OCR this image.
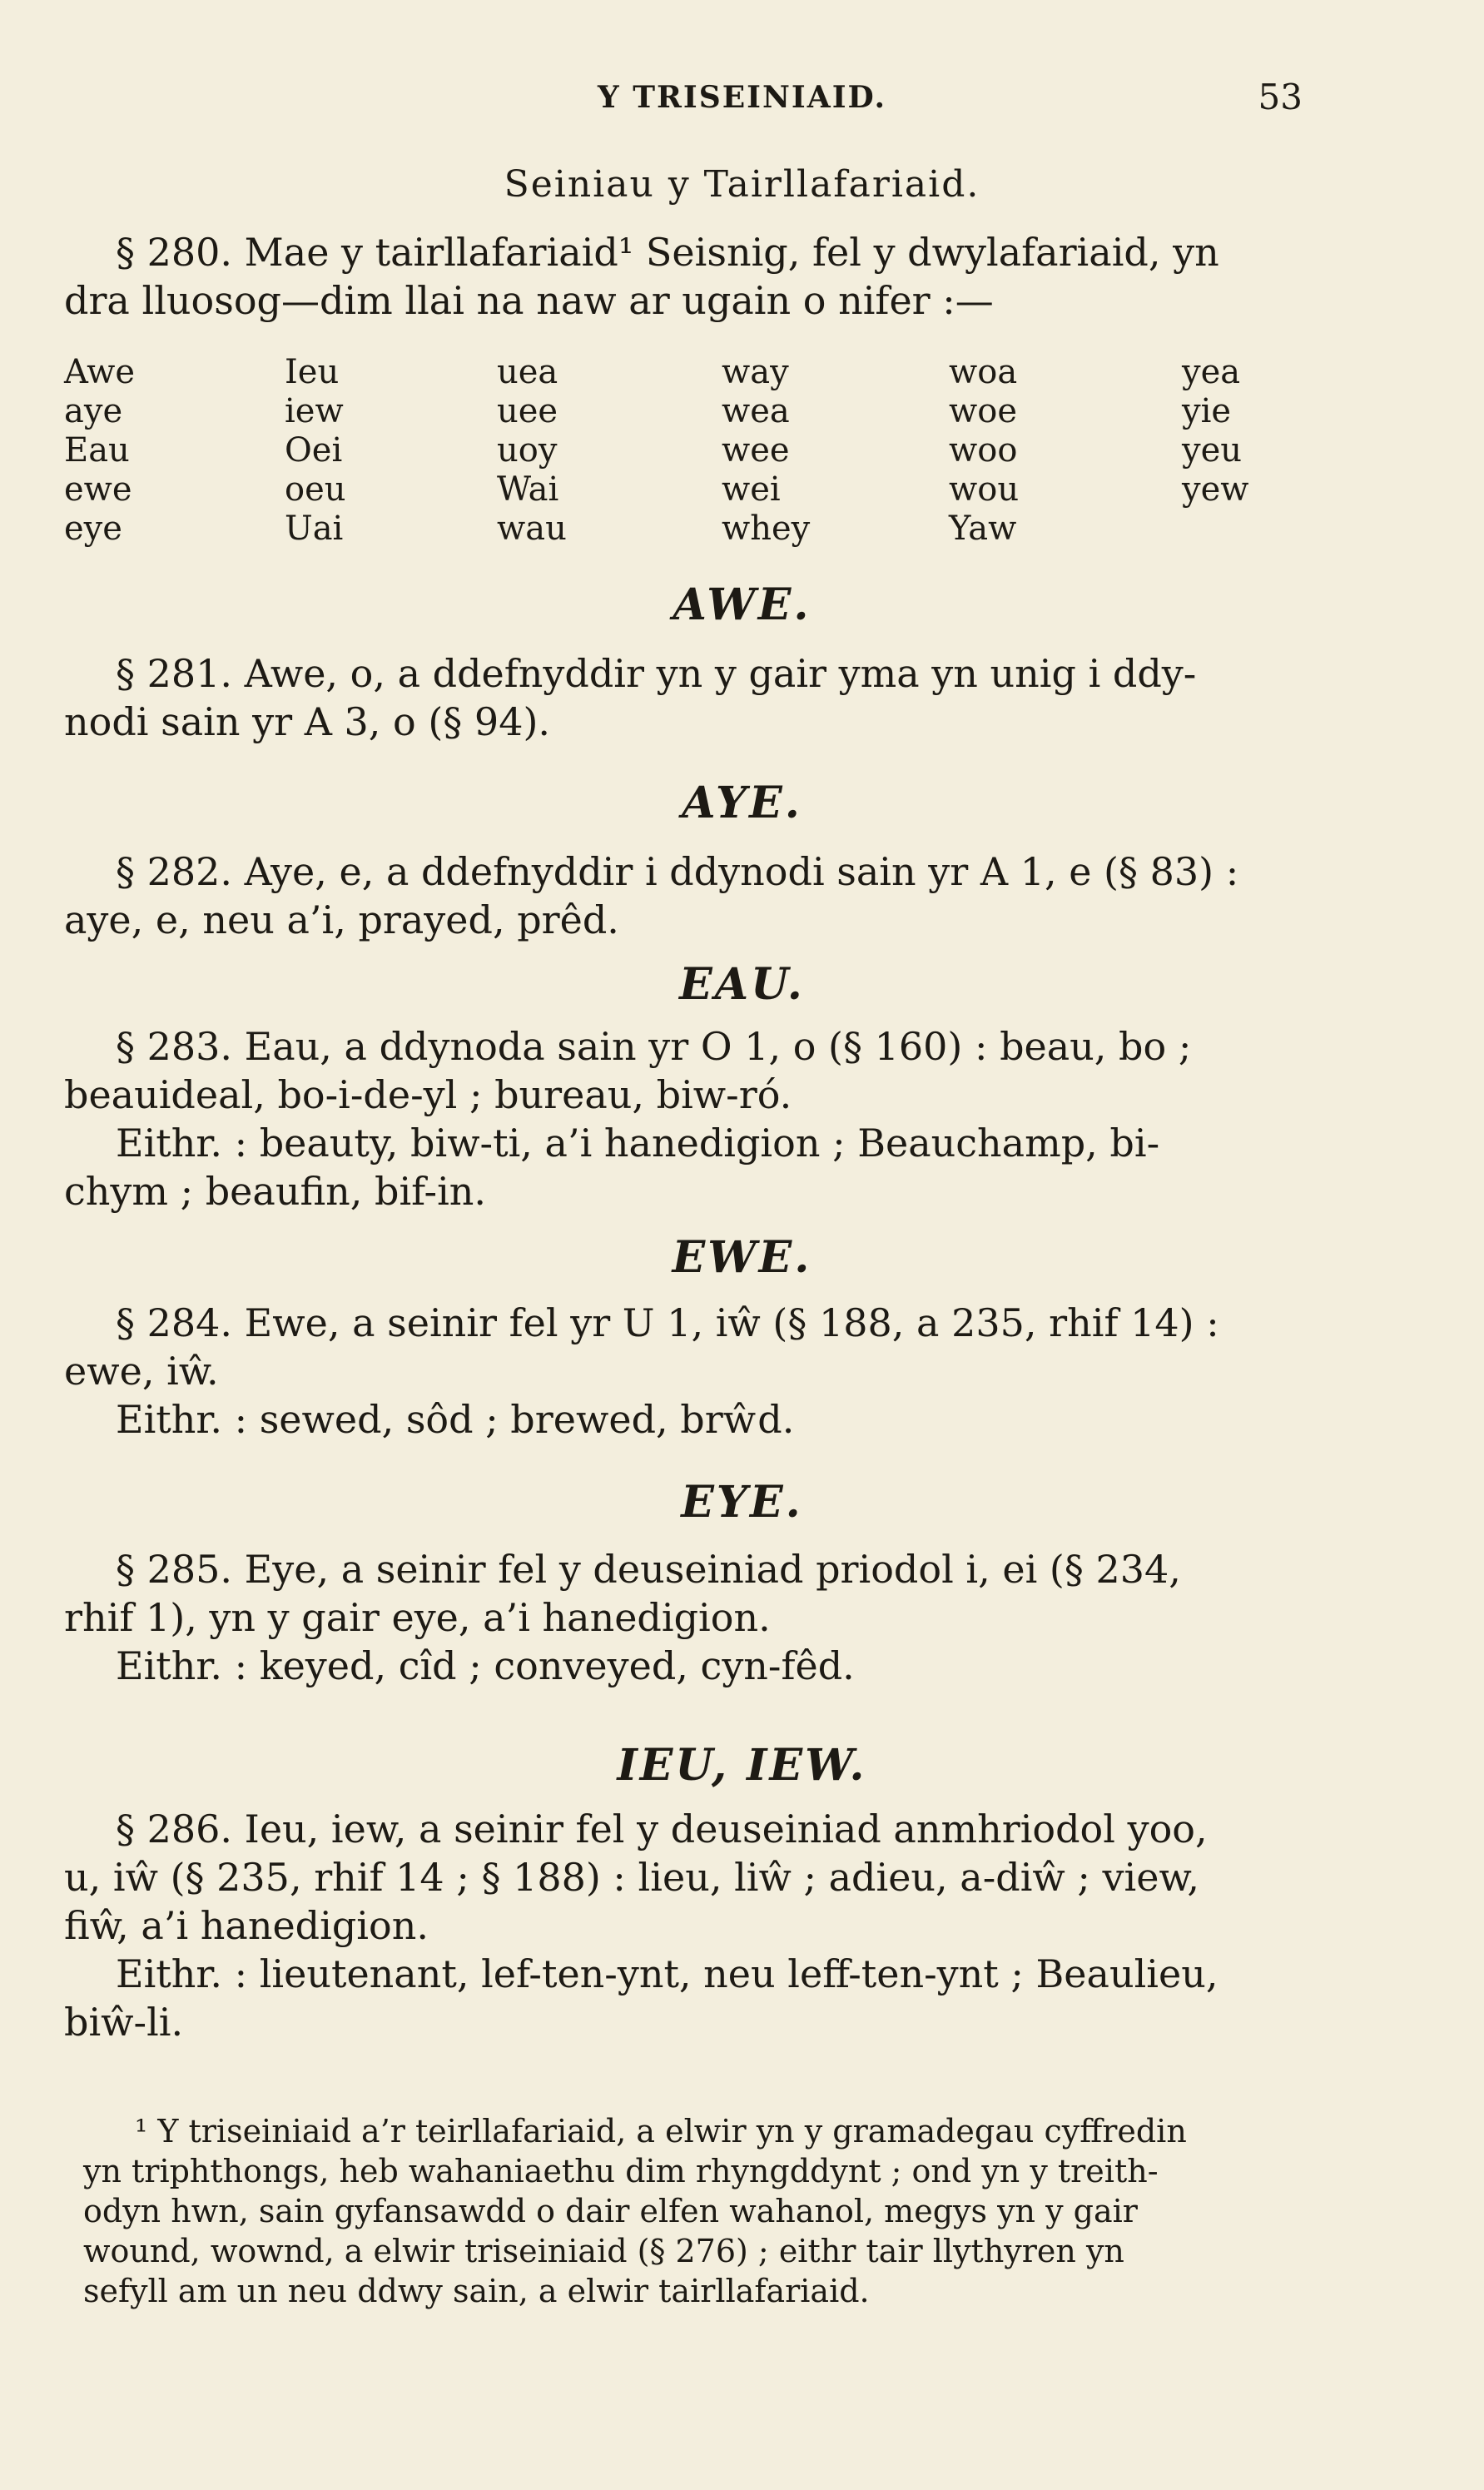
Y TRISEINIAID.	53
Seiniau y Tairllafariaid.
§ 280. Mae y tairllafariaid¹ Seisnig, fel y dwylafariaid, yn
dra lluosog—dim llai na naw ar ugain o nifer :—
Awe
aye
Eau
ewe
eye
Ieu
iew
Oei
oeu
Uai
uea
uee
uoy
Wai
wau
way
wea
wee
wei
whey
woa
woe
woo
wou
Yaw
yea
yie
yeu
yew
AWE.
§ 281. Awe, o, a ddefnyddir yn y gair yma yn unig i ddy-
nodi sain yr A 3, o (§ 94).
AYE.
§ 282. Aye, e, a ddefnyddir i ddynodi sain yr A 1, e (§ 83) :
aye, e, neu a’i, prayed, prêd.
EAU.
§ 283. Eau, a ddynoda sain yr O 1, o (§ 160) : beau, bo ;
beauideal, bo-i-de-yl ; bureau, biw-ró.
Eithr. : beauty, biw-ti, a’i hanedigion ; Beauchamp, bi-
chym ; beaufin, bif-in.
EWE.
§ 284. Ewe, a seinir fel yr U 1, iŵ (§ 188, a 235, rhif 14) :
ewe, iŵ.
Eithr. : sewed, sôd ; brewed, brŵd.
EYE.
§ 285. Eye, a seinir fel y deuseiniad priodol i, ei (§ 234,
rhif 1), yn y gair eye, a’i hanedigion.
Eithr. : keyed, cîd ; conveyed, cyn-fêd.
IEU, IEW.
§ 286. Ieu, iew, a seinir fel y deuseiniad anmhriodol yoo,
u, iŵ (§ 235, rhif 14 ; § 188) : lieu, liŵ ; adieu, a-diŵ ; view,
fiŵ, a’i hanedigion.
Eithr. : lieutenant, lef-ten-ynt, neu leff-ten-ynt ; Beaulieu,
biŵ-li.
¹ Y triseiniaid a’r teirllafariaid, a elwir yn y gramadegau cyffredin
yn triphthongs, heb wahaniaethu dim rhyngddynt ; ond yn y treith-
odyn hwn, sain gyfansawdd o dair elfen wahanol, megys yn y gair
wound, wownd, a elwir triseiniaid (§ 276) ; eithr tair llythyren yn
sefyll am un neu ddwy sain, a elwir tairllafariaid.
